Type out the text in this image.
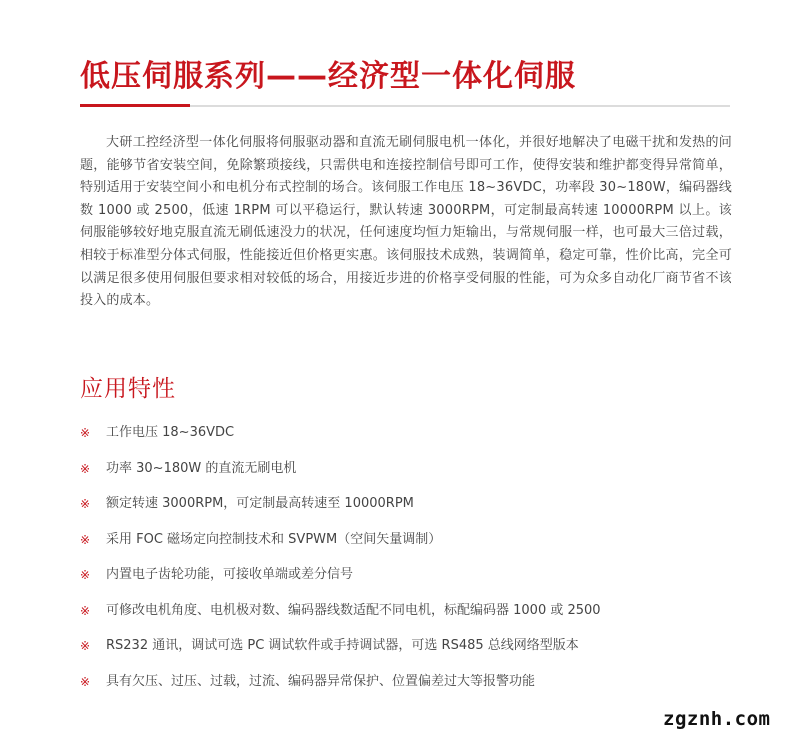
低压伺服系列——经济型一体化伺服

大研工控经济型一体化伺服将伺服驱动器和直流无刷伺服电机一体化，并很好地解决了电磁干扰和发热的问题，能够节省安装空间，免除繁琐接线，只需供电和连接控制信号即可工作，使得安装和维护都变得异常简单，特别适用于安装空间小和电机分布式控制的场合。该伺服工作电压 18~36VDC，功率段 30~180W，编码器线数 1000 或 2500，低速 1RPM 可以平稳运行，默认转速 3000RPM，可定制最高转速 10000RPM 以上。该伺服能够较好地克服直流无刷低速没力的状况，任何速度均恒力矩输出，与常规伺服一样，也可最大三倍过载，相较于标准型分体式伺服，性能接近但价格更实惠。该伺服技术成熟，装调简单，稳定可靠，性价比高，完全可以满足很多使用伺服但要求相对较低的场合，用接近步进的价格享受伺服的性能，可为众多自动化厂商节省不该投入的成本。

应用特性
※	工作电压 18~36VDC
※	功率 30~180W 的直流无刷电机
※	额定转速 3000RPM，可定制最高转速至 10000RPM
※	采用 FOC 磁场定向控制技术和 SVPWM（空间矢量调制）
※	内置电子齿轮功能，可接收单端或差分信号
※	可修改电机角度、电机极对数、编码器线数适配不同电机，标配编码器 1000 或 2500
※	RS232 通讯，调试可选 PC 调试软件或手持调试器，可选 RS485 总线网络型版本
※	具有欠压、过压、过载，过流、编码器异常保护、位置偏差过大等报警功能
zgznh.com
